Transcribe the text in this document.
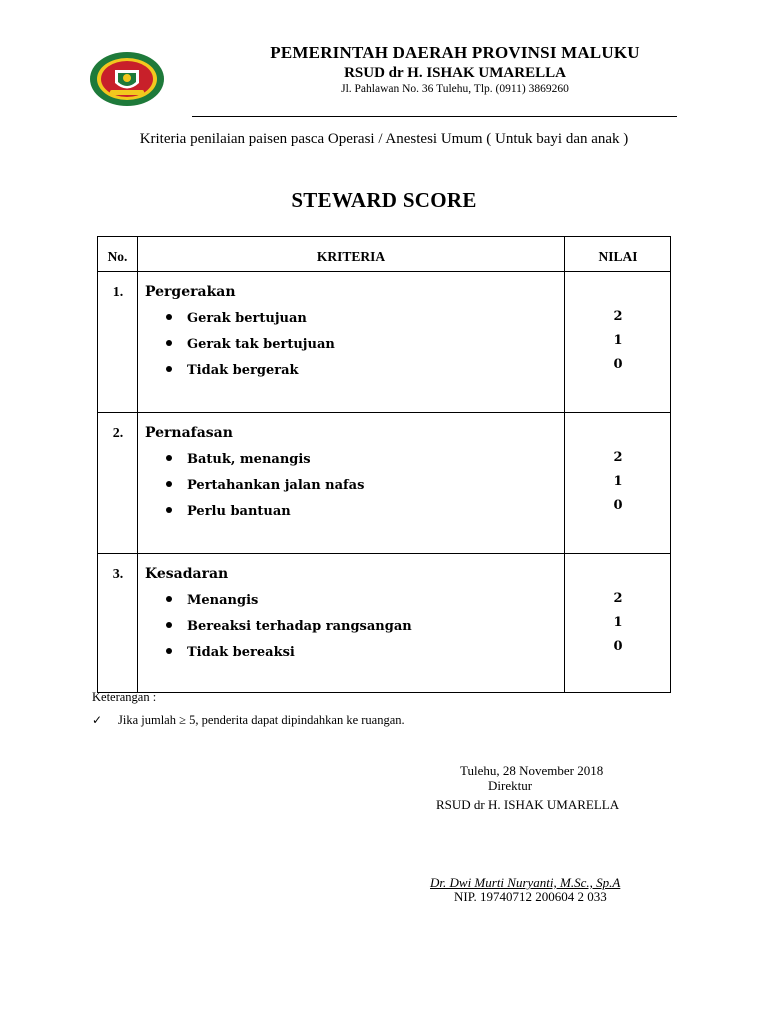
PEMERINTAH DAERAH PROVINSI MALUKU
RSUD dr H. ISHAK UMARELLA
Jl. Pahlawan No. 36 Tulehu, Tlp. (0911) 3869260
Kriteria penilaian paisen pasca Operasi / Anestesi Umum ( Untuk bayi dan anak )
STEWARD SCORE
No.	KRITERIA	NILAI
1.	Pergerakan
Gerak bertujuan
Gerak tak bertujuan
Tidak bergerak
2
1
0
2.	Pernafasan
Batuk, menangis
Pertahankan jalan nafas
Perlu bantuan
2
1
0
3.	Kesadaran
Menangis
Bereaksi terhadap rangsangan
Tidak bereaksi
2
1
0
Keterangan :
✓ Jika jumlah ≥ 5, penderita dapat dipindahkan ke ruangan.
Tulehu, 28 November 2018
Direktur
RSUD dr H. ISHAK UMARELLA
Dr. Dwi Murti Nuryanti, M.Sc., Sp.A
NIP. 19740712 200604 2 033
